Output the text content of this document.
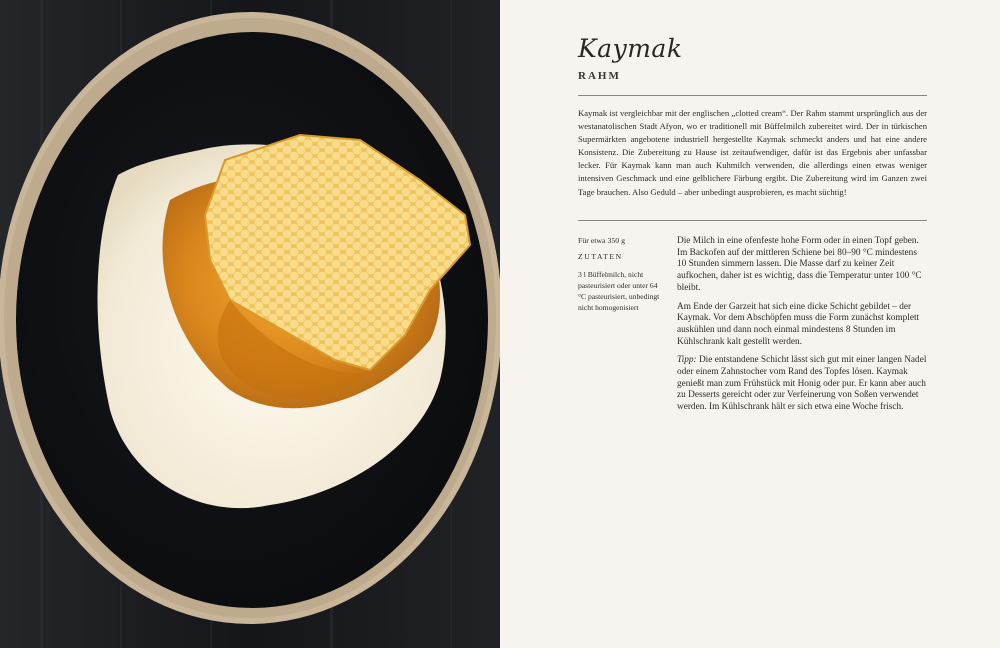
Kaymak
RAHM

Kaymak ist vergleichbar mit der englischen „clotted cream“. Der Rahm stammt ursprünglich aus der westanatolischen Stadt Afyon, wo er traditionell mit Büffelmilch zubereitet wird. Der in türkischen Supermärkten angebotene industriell hergestellte Kaymak schmeckt anders und hat eine andere Konsistenz. Die Zubereitung zu Hause ist zeitaufwendiger, dafür ist das Ergebnis aber unfassbar lecker. Für Kaymak kann man auch Kuhmilch verwenden, die allerdings einen etwas weniger intensiven Geschmack und eine gelblichere Färbung ergibt. Die Zubereitung wird im Ganzen zwei Tage brauchen. Also Geduld – aber unbedingt ausprobieren, es macht süchtig!

Für etwa 350 g

ZUTATEN

3 l Büffelmilch, nicht pasteurisiert oder unter 64 °C pasteurisiert, unbedingt nicht homogenisiert

Die Milch in eine ofenfeste hohe Form oder in einen Topf geben. Im Backofen auf der mittleren Schiene bei 80–90 °C mindestens 10 Stunden simmern lassen. Die Masse darf zu keiner Zeit aufkochen, daher ist es wichtig, dass die Temperatur unter 100 °C bleibt.

Am Ende der Garzeit hat sich eine dicke Schicht gebildet – der Kaymak. Vor dem Abschöpfen muss die Form zunächst komplett auskühlen und dann noch einmal mindestens 8 Stunden im Kühlschrank kalt gestellt werden.

Tipp: Die entstandene Schicht lässt sich gut mit einer langen Nadel oder einem Zahnstocher vom Rand des Topfes lösen. Kaymak genießt man zum Frühstück mit Honig oder pur. Er kann aber auch zu Desserts gereicht oder zur Verfeinerung von Soßen verwendet werden. Im Kühlschrank hält er sich etwa eine Woche frisch.
